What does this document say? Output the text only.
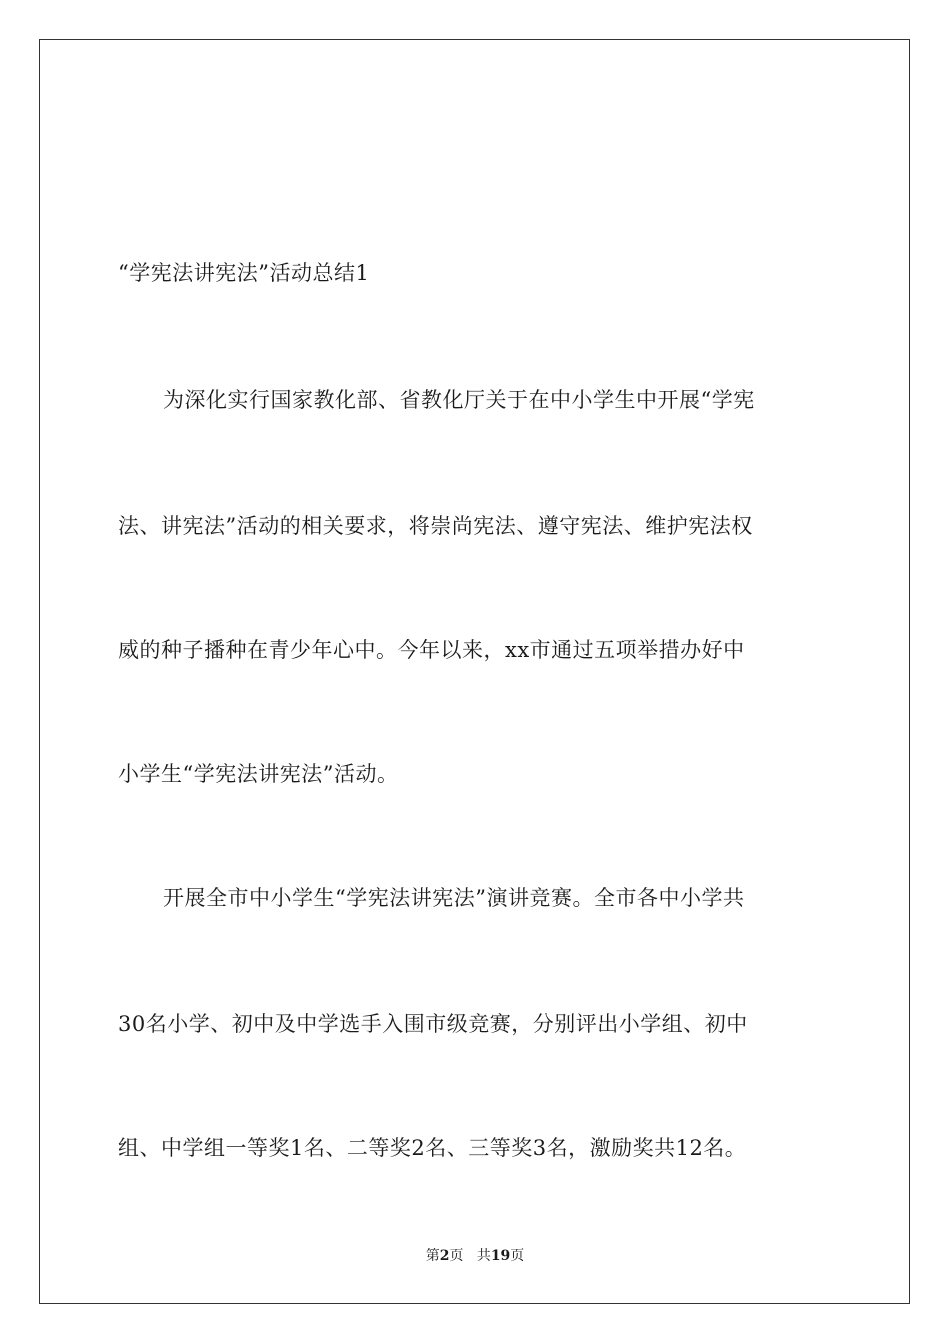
“学宪法讲宪法”活动总结1
为深化实行国家教化部、省教化厅关于在中小学生中开展“学宪
法、讲宪法”活动的相关要求，将崇尚宪法、遵守宪法、维护宪法权
威的种子播种在青少年心中。今年以来，xx市通过五项举措办好中
小学生“学宪法讲宪法”活动。
开展全市中小学生“学宪法讲宪法”演讲竞赛。全市各中小学共
30名小学、初中及中学选手入围市级竞赛，分别评出小学组、初中
组、中学组一等奖1名、二等奖2名、三等奖3名，激励奖共12名。
第2页 共19页
